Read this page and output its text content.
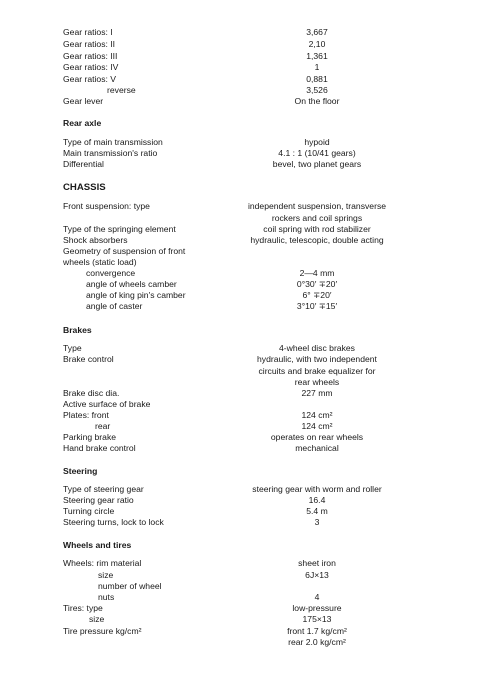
Gear ratios: I	3,667
Gear ratios: II	2,10
Gear ratios: III	1,361
Gear ratios: IV	1
Gear ratios: V	0,881
reverse	3,526
Gear lever	On the floor
Rear axle
Type of main transmission	hypoid
Main transmission's ratio	4.1 : 1 (10/41 gears)
Differential	bevel, two planet gears
CHASSIS
Front suspension: type	independent suspension, transverse
rockers and coil springs
Type of the springing element	coil spring with rod stabilizer
Shock absorbers	hydraulic, telescopic, double acting
Geometry of suspension of front
wheels (static load)
convergence	2—4 mm
angle of wheels camber	0°30′ ∓20′
angle of king pin's camber	6° ∓20′
angle of caster	3°10′ ∓15′
Brakes
Type	4-wheel disc brakes
Brake control	hydraulic, with two independent
circuits and brake equalizer for
rear wheels
Brake disc dia.	227 mm
Active surface of brake
Plates: front	124 cm²
rear	124 cm²
Parking brake	operates on rear wheels
Hand brake control	mechanical
Steering
Type of steering gear	steering gear with worm and roller
Steering gear ratio	16.4
Turning circle	5.4 m
Steering turns, lock to lock	3
Wheels and tires
Wheels: rim material	sheet iron
size	6J×13
number of wheel
nuts	4
Tires: type	low-pressure
size	175×13
Tire pressure kg/cm²	front 1.7 kg/cm²
rear 2.0 kg/cm²
